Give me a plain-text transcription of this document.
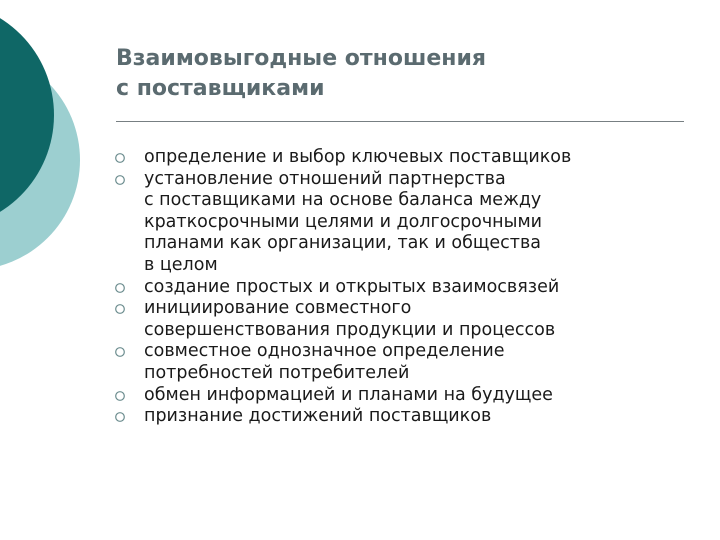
Взаимовыгодные отношения
с поставщиками
определение и выбор ключевых поставщиков
установление отношений партнерства
с поставщиками на основе баланса между
краткосрочными целями и долгосрочными
планами как организации, так и общества
в целом
создание простых и открытых взаимосвязей
инициирование совместного
совершенствования продукции и процессов
совместное однозначное определение
потребностей потребителей
обмен информацией и планами на будущее
признание достижений поставщиков
